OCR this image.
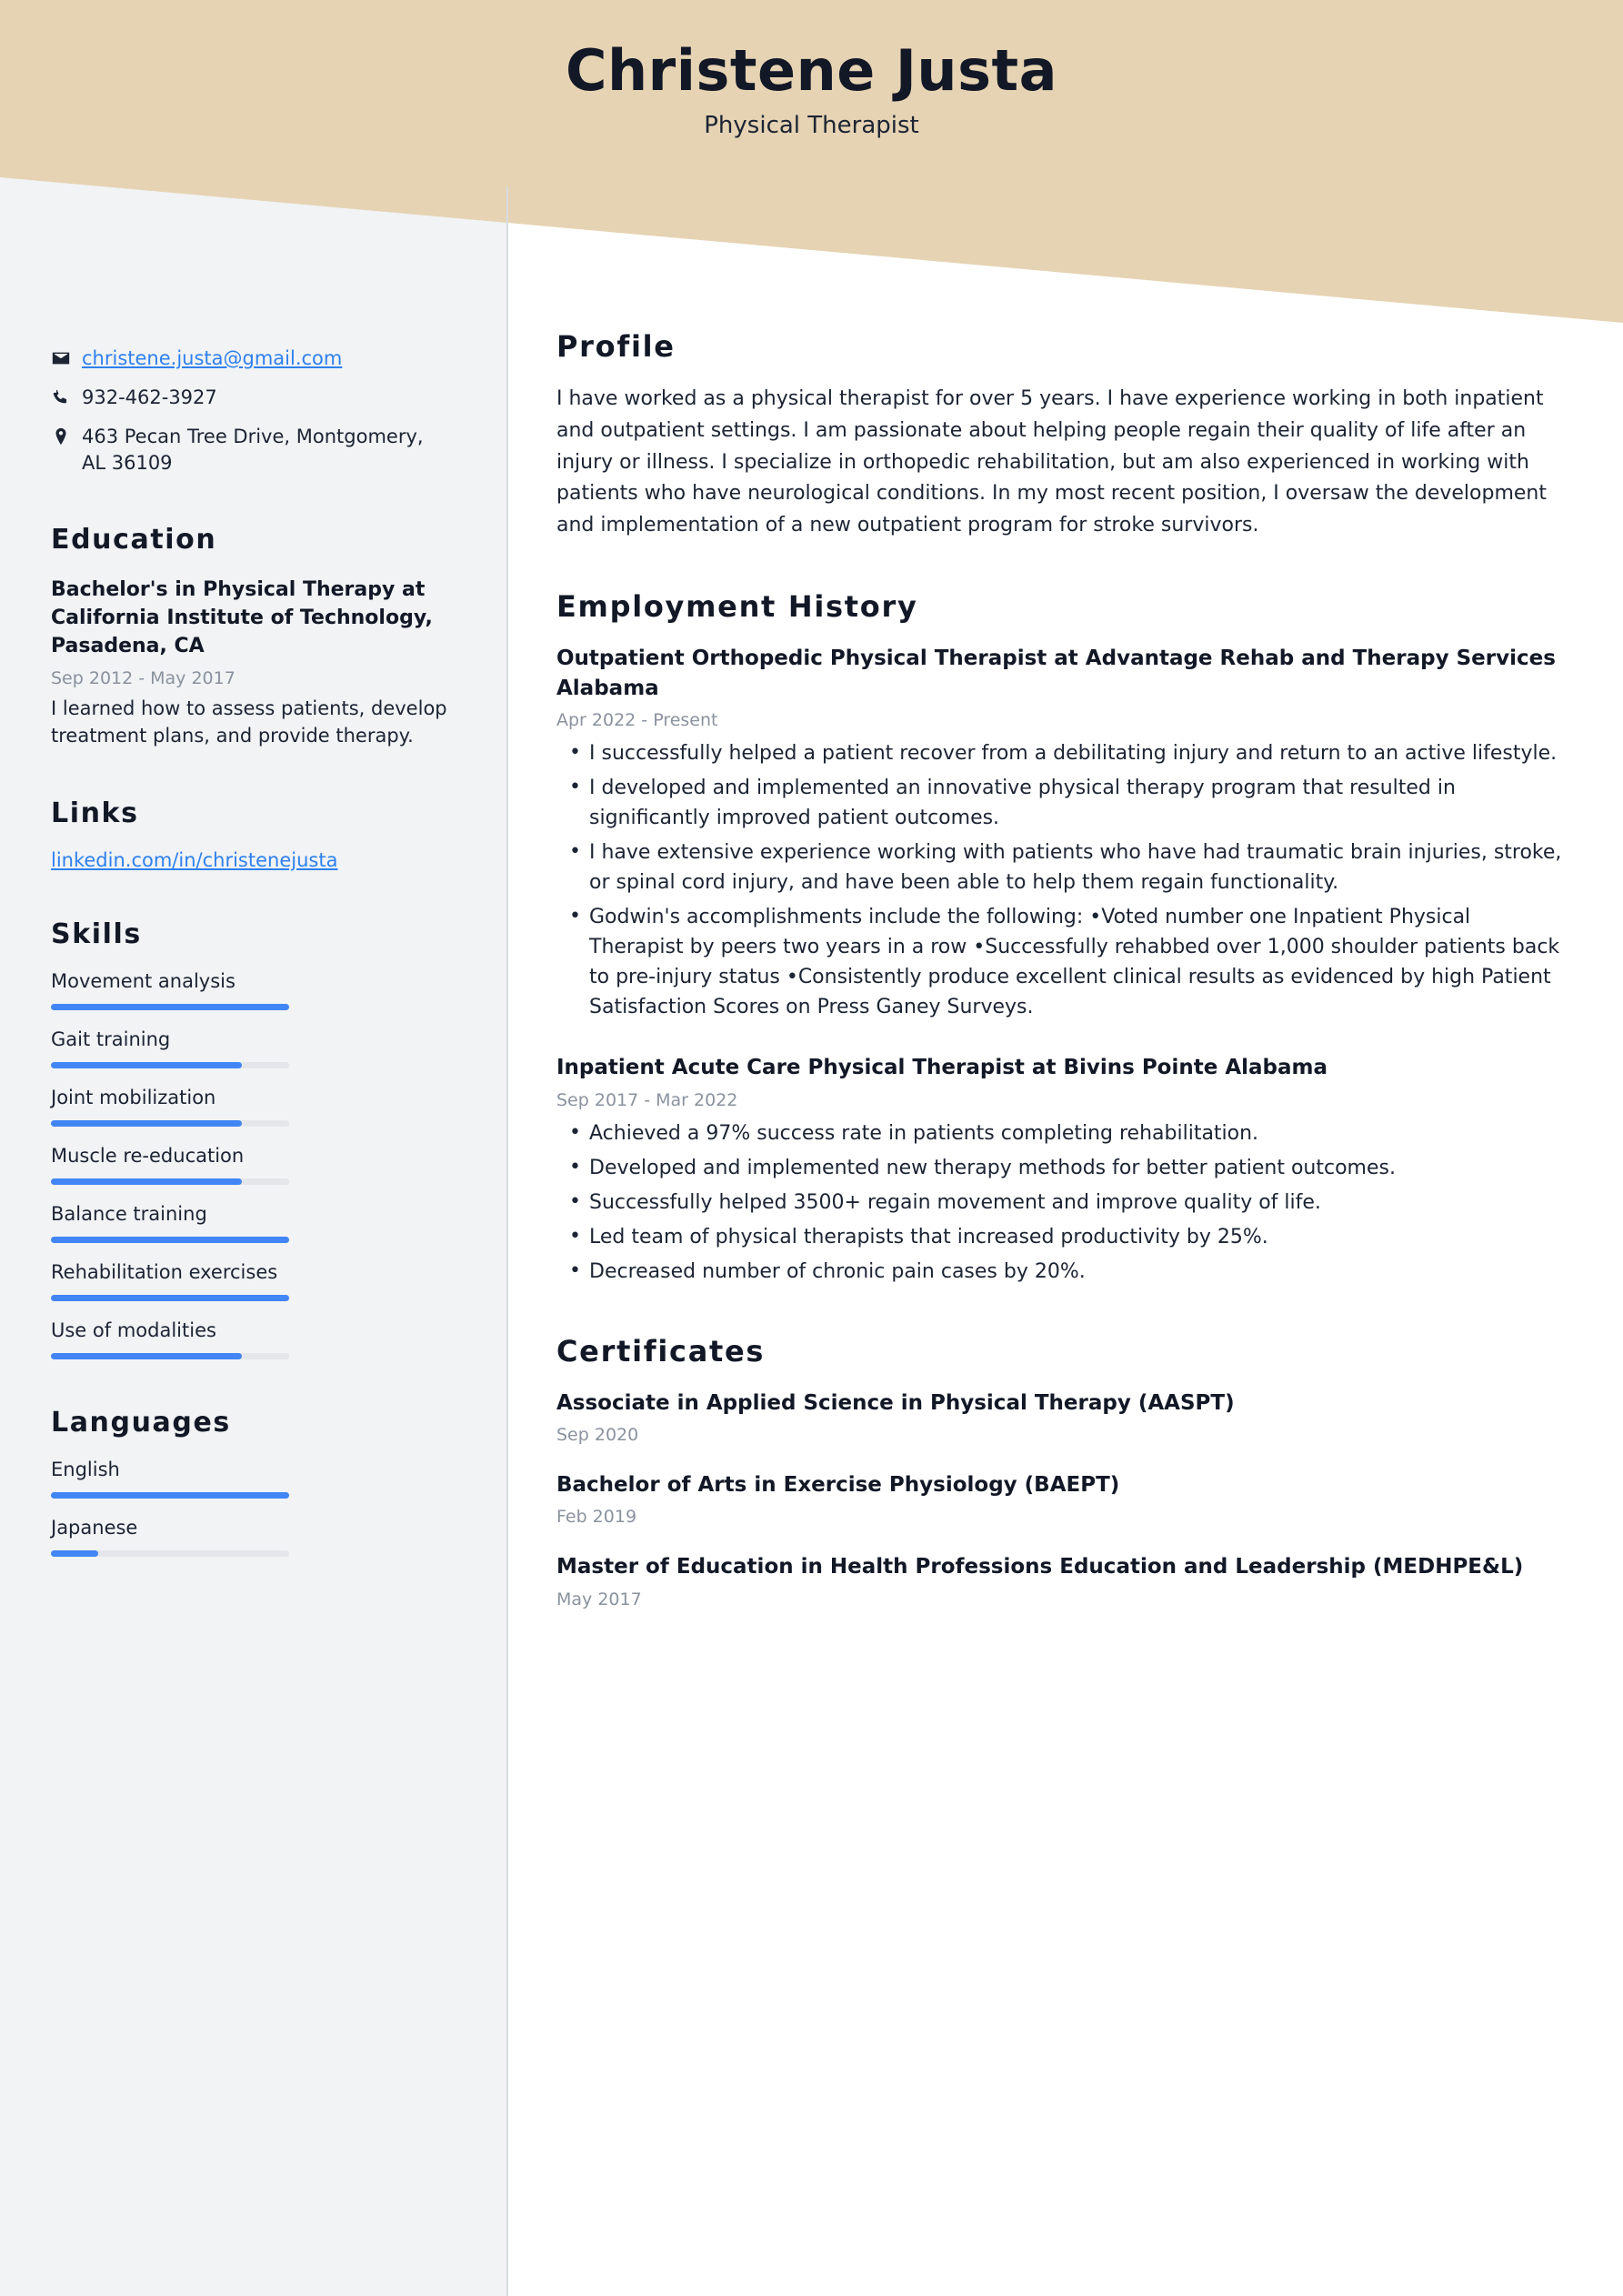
Christene Justa
Physical Therapist
christene.justa@gmail.com
932-462-3927
463 Pecan Tree Drive, Montgomery, AL 36109
Education
Bachelor's in Physical Therapy at California Institute of Technology, Pasadena, CA
Sep 2012 - May 2017
I learned how to assess patients, develop treatment plans, and provide therapy.
Links
linkedin.com/in/christenejusta
Skills
Movement analysis
Gait training
Joint mobilization
Muscle re-education
Balance training
Rehabilitation exercises
Use of modalities
Languages
English
Japanese
Profile
I have worked as a physical therapist for over 5 years. I have experience working in both inpatient and outpatient settings. I am passionate about helping people regain their quality of life after an injury or illness. I specialize in orthopedic rehabilitation, but am also experienced in working with patients who have neurological conditions. In my most recent position, I oversaw the development and implementation of a new outpatient program for stroke survivors.
Employment History
Outpatient Orthopedic Physical Therapist at Advantage Rehab and Therapy Services Alabama
Apr 2022 - Present
• I successfully helped a patient recover from a debilitating injury and return to an active lifestyle.
• I developed and implemented an innovative physical therapy program that resulted in significantly improved patient outcomes.
• I have extensive experience working with patients who have had traumatic brain injuries, stroke, or spinal cord injury, and have been able to help them regain functionality.
• Godwin's accomplishments include the following: •Voted number one Inpatient Physical Therapist by peers two years in a row •Successfully rehabbed over 1,000 shoulder patients back to pre-injury status •Consistently produce excellent clinical results as evidenced by high Patient Satisfaction Scores on Press Ganey Surveys.
Inpatient Acute Care Physical Therapist at Bivins Pointe Alabama
Sep 2017 - Mar 2022
• Achieved a 97% success rate in patients completing rehabilitation.
• Developed and implemented new therapy methods for better patient outcomes.
• Successfully helped 3500+ regain movement and improve quality of life.
• Led team of physical therapists that increased productivity by 25%.
• Decreased number of chronic pain cases by 20%.
Certificates
Associate in Applied Science in Physical Therapy (AASPT)
Sep 2020
Bachelor of Arts in Exercise Physiology (BAEPT)
Feb 2019
Master of Education in Health Professions Education and Leadership (MEDHPE&L)
May 2017
